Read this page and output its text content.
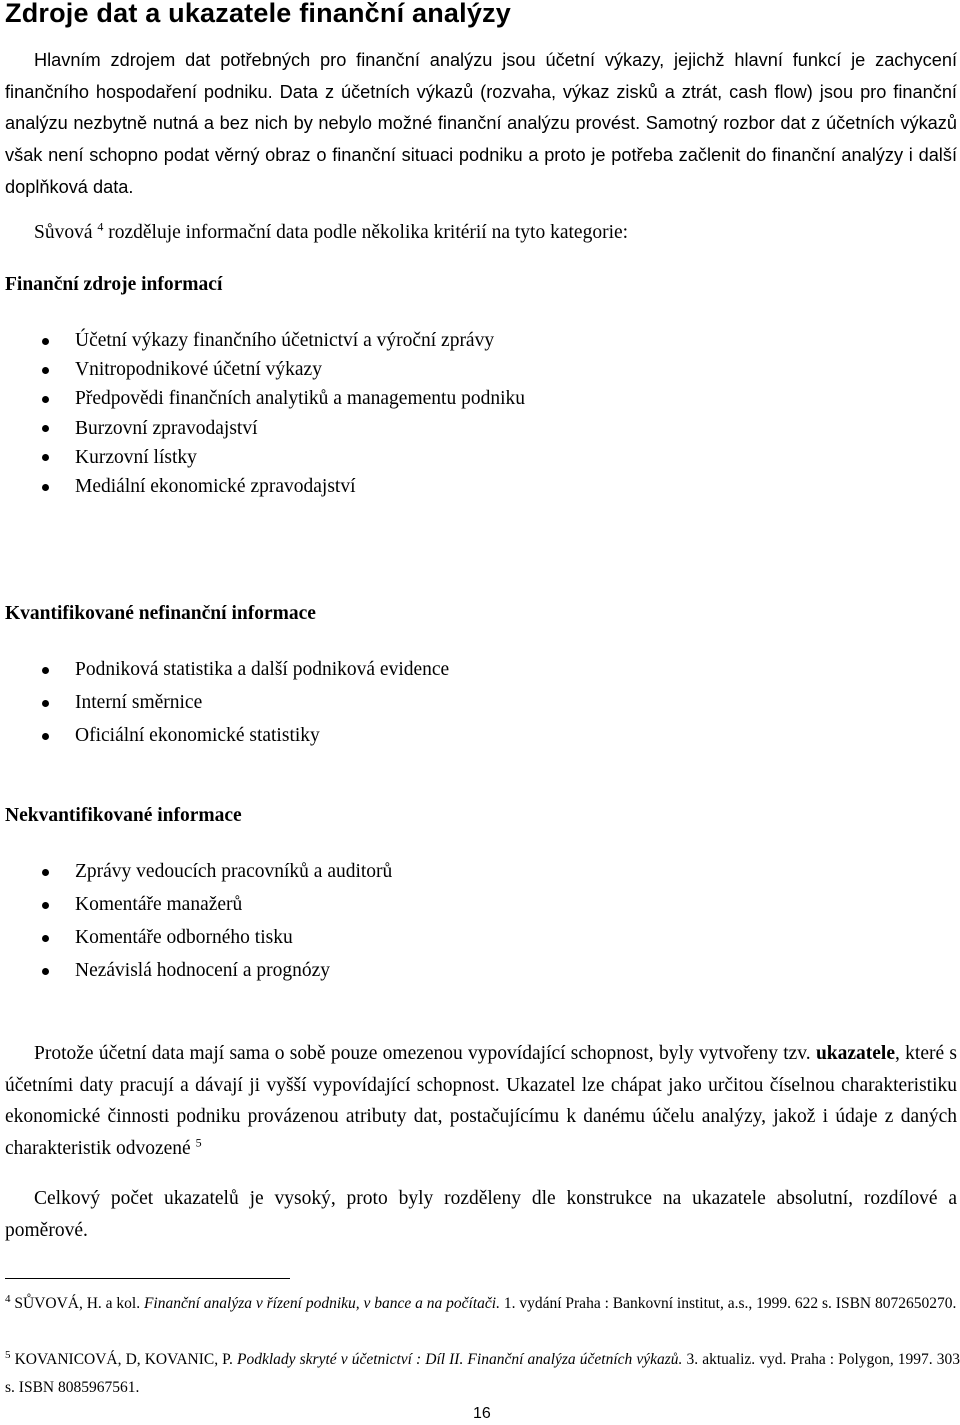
Zdroje dat a ukazatele finanční analýzy

Hlavním zdrojem dat potřebných pro finanční analýzu jsou účetní výkazy, jejichž hlavní funkcí je zachycení finančního hospodaření podniku. Data z účetních výkazů (rozvaha, výkaz zisků a ztrát, cash flow) jsou pro finanční analýzu nezbytně nutná a bez nich by nebylo možné finanční analýzu provést. Samotný rozbor dat z účetních výkazů však není schopno podat věrný obraz o finanční situaci podniku a proto je potřeba začlenit do finanční analýzy i další doplňková data.

Sůvová $^4$ rozděluje informační data podle několika kritérií na tyto kategorie:
Finanční zdroje informací
Účetní výkazy finančního účetnictví a výroční zprávy
Vnitropodnikové účetní výkazy
Předpovědi finančních analytiků a managementu podniku
Burzovní zpravodajství
Kurzovní lístky
Mediální ekonomické zpravodajství
Kvantifikované nefinanční informace
Podniková statistika a další podniková evidence
Interní směrnice
Oficiální ekonomické statistiky
Nekvantifikované informace
Zprávy vedoucích pracovníků a auditorů
Komentáře manažerů
Komentáře odborného tisku
Nezávislá hodnocení a prognózy

Protože účetní data mají sama o sobě pouze omezenou vypovídající schopnost, byly vytvořeny tzv. ukazatele, které s účetními daty pracují a dávají ji vyšší vypovídající schopnost. Ukazatel lze chápat jako určitou číselnou charakteristiku ekonomické činnosti podniku provázenou atributy dat, postačujícímu k danému účelu analýzy, jakož i údaje z daných charakteristik odvozené $^5$

Celkový počet ukazatelů je vysoký, proto byly rozděleny dle konstrukce na ukazatele absolutní, rozdílové a poměrové.

$^4$ SŮVOVÁ, H. a kol. Finanční analýza v řízení podniku, v bance a na počítači. 1. vydání Praha : Bankovní institut, a.s., 1999. 622 s. ISBN 8072650270.
$^5$ KOVANICOVÁ, D, KOVANIC, P. Podklady skryté v účetnictví : Díl II. Finanční analýza účetních výkazů. 3. aktualiz. vyd. Praha : Polygon, 1997. 303 s. ISBN 8085967561.
16
